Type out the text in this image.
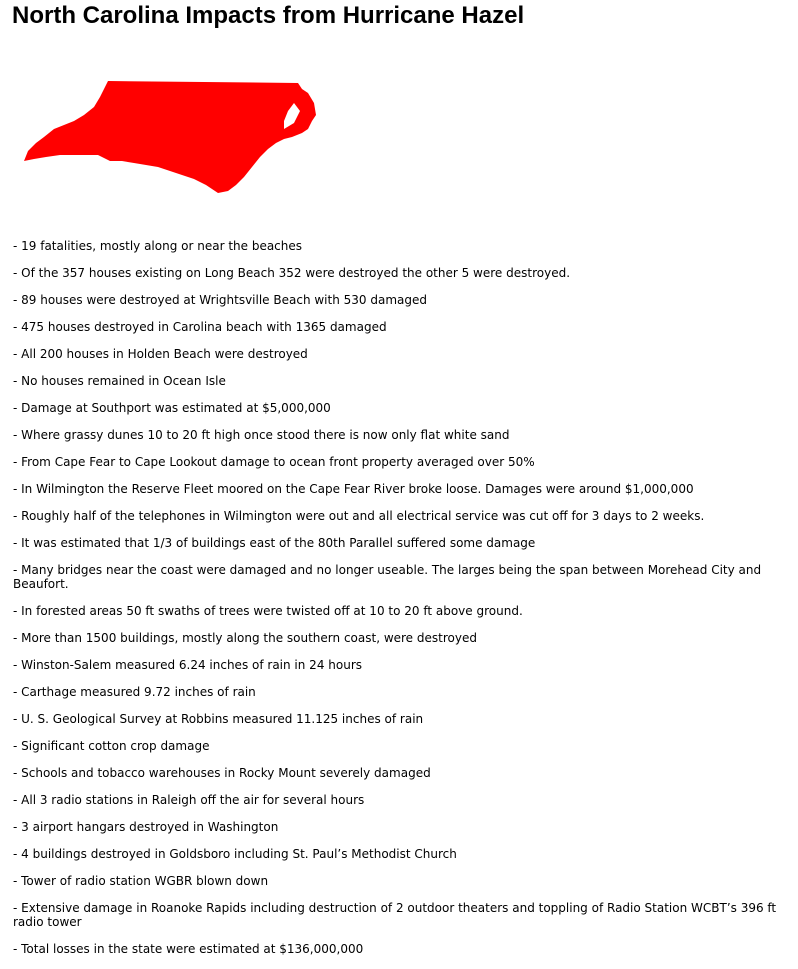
North Carolina Impacts from Hurricane Hazel
- 19 fatalities, mostly along or near the beaches
- Of the 357 houses existing on Long Beach 352 were destroyed the other 5 were destroyed.
- 89 houses were destroyed at Wrightsville Beach with 530 damaged
- 475 houses destroyed in Carolina beach with 1365 damaged
- All 200 houses in Holden Beach were destroyed
- No houses remained in Ocean Isle
- Damage at Southport was estimated at $5,000,000
- Where grassy dunes 10 to 20 ft high once stood there is now only flat white sand
- From Cape Fear to Cape Lookout damage to ocean front property averaged over 50%
- In Wilmington the Reserve Fleet moored on the Cape Fear River broke loose. Damages were around $1,000,000
- Roughly half of the telephones in Wilmington were out and all electrical service was cut off for 3 days to 2 weeks.
- It was estimated that 1/3 of buildings east of the 80th Parallel suffered some damage
- Many bridges near the coast were damaged and no longer useable. The larges being the span between Morehead City and Beaufort.
- In forested areas 50 ft swaths of trees were twisted off at 10 to 20 ft above ground.
- More than 1500 buildings, mostly along the southern coast, were destroyed
- Winston-Salem measured 6.24 inches of rain in 24 hours
- Carthage measured 9.72 inches of rain
- U. S. Geological Survey at Robbins measured 11.125 inches of rain
- Significant cotton crop damage
- Schools and tobacco warehouses in Rocky Mount severely damaged
- All 3 radio stations in Raleigh off the air for several hours
- 3 airport hangars destroyed in Washington
- 4 buildings destroyed in Goldsboro including St. Paul’s Methodist Church
- Tower of radio station WGBR blown down
- Extensive damage in Roanoke Rapids including destruction of 2 outdoor theaters and toppling of Radio Station WCBT’s 396 ft radio tower
- Total losses in the state were estimated at $136,000,000
